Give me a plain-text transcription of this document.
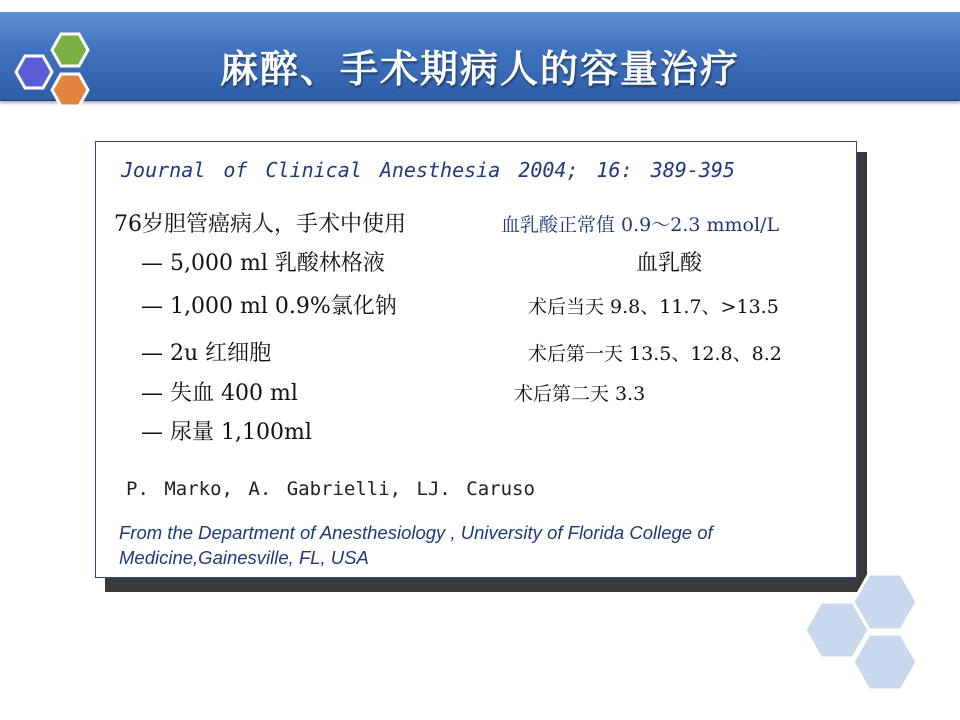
麻醉、手术期病人的容量治疗
Journal of Clinical Anesthesia 2004; 16: 389-395
76岁胆管癌病人，手术中使用	血乳酸正常值 0.9～2.3 mmol/L
— 5,000 ml 乳酸林格液	血乳酸
— 1,000 ml 0.9%氯化钠	术后当天 9.8、11.7、>13.5
— 2u 红细胞	术后第一天 13.5、12.8、8.2
— 失血 400 ml	术后第二天 3.3
— 尿量 1,100ml
P. Marko, A. Gabrielli, LJ. Caruso
From the Department of Anesthesiology , University of Florida College of Medicine,Gainesville, FL, USA
